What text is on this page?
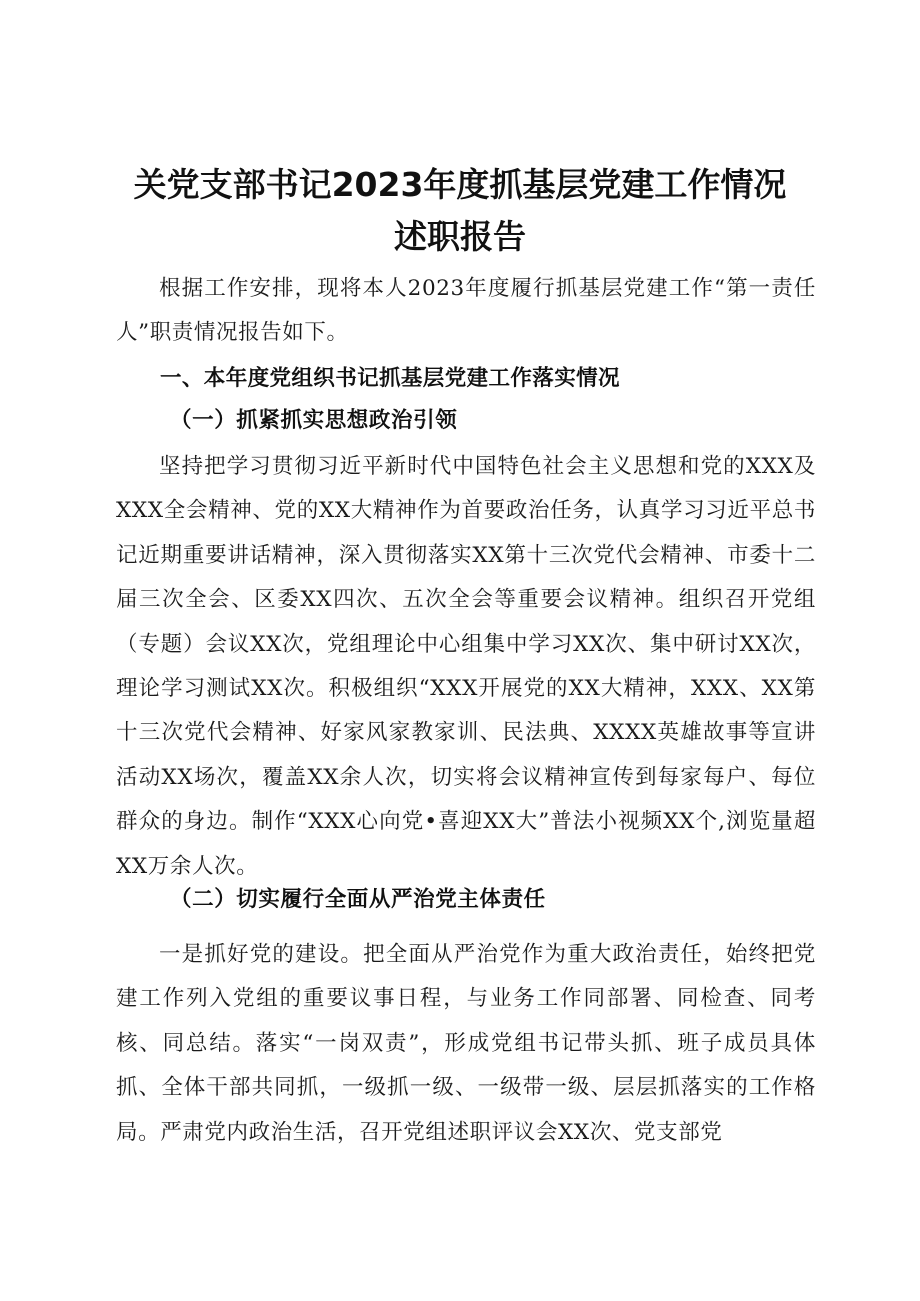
关党支部书记2023年度抓基层党建工作情况
述职报告

根据工作安排，现将本人2023年度履行抓基层党建工作“第一责任人”职责情况报告如下。

一、本年度党组织书记抓基层党建工作落实情况

（一）抓紧抓实思想政治引领

坚持把学习贯彻习近平新时代中国特色社会主义思想和党的XXX及XXX全会精神、党的XX大精神作为首要政治任务，认真学习习近平总书记近期重要讲话精神，深入贯彻落实XX第十三次党代会精神、市委十二届三次全会、区委XX四次、五次全会等重要会议精神。组织召开党组（专题）会议XX次，党组理论中心组集中学习XX次、集中研讨XX次，理论学习测试XX次。积极组织“XXX开展党的XX大精神，XXX、XX第十三次党代会精神、好家风家教家训、民法典、XXXX英雄故事等宣讲活动XX场次，覆盖XX余人次，切实将会议精神宣传到每家每户、每位群众的身边。制作“XXX心向党•喜迎XX大”普法小视频XX个,浏览量超XX万余人次。

（二）切实履行全面从严治党主体责任

一是抓好党的建设。把全面从严治党作为重大政治责任，始终把党建工作列入党组的重要议事日程，与业务工作同部署、同检查、同考核、同总结。落实“一岗双责”，形成党组书记带头抓、班子成员具体抓、全体干部共同抓，一级抓一级、一级带一级、层层抓落实的工作格局。严肃党内政治生活，召开党组述职评议会XX次、党支部党
